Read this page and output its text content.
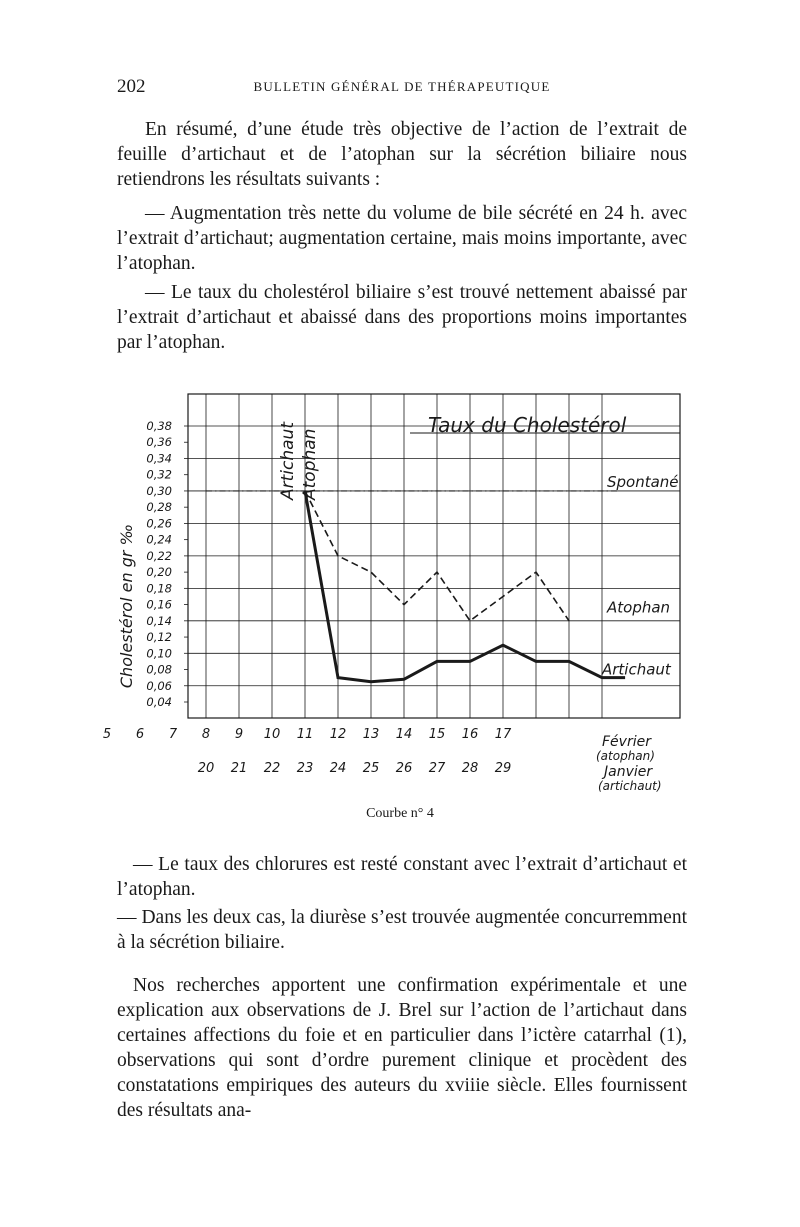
202	BULLETIN GÉNÉRAL DE THÉRAPEUTIQUE

En résumé, d’une étude très objective de l’action de l’extrait de feuille d’artichaut et de l’atophan sur la sécrétion biliaire nous retiendrons les résultats suivants :

— Augmentation très nette du volume de bile sécrété en 24 h. avec l’extrait d’artichaut; augmentation certaine, mais moins importante, avec l’atophan.

— Le taux du cholestérol biliaire s’est trouvé nettement abaissé par l’extrait d’artichaut et abaissé dans des proportions moins importantes par l’atophan.

0,38
0,36
0,34
0,32
0,30
0,28
0,26
0,24
0,22
0,20
0,18
0,16
0,14
0,12
0,10
0,08
0,06
0,04
Cholestérol en gr ‰
Artichaut Atophan	Spontané
Atophan
Artichaut
Taux du Cholestérol
5 6 7 8 9 10 11 12 13 14 15 16 17
20 21 22 23 24 25 26 27 28 29
Février
(atophan)
Janvier
(artichaut)
Courbe n° 4

— Le taux des chlorures est resté constant avec l’extrait d’artichaut et l’atophan.

— Dans les deux cas, la diurèse s’est trouvée augmentée concurremment à la sécrétion biliaire.

Nos recherches apportent une confirmation expérimentale et une explication aux observations de J. Brel sur l’action de l’artichaut dans certaines affections du foie et en particulier dans l’ictère catarrhal (1), observations qui sont d’ordre purement clinique et procèdent des constatations empiriques des auteurs du xviiie siècle. Elles fournissent des résultats ana-
